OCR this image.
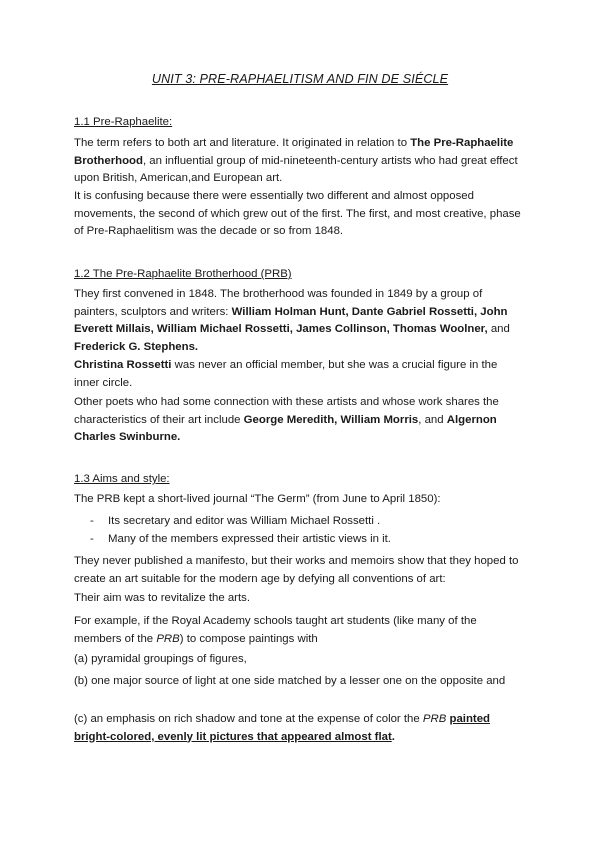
UNIT 3: PRE-RAPHAELITISM AND FIN DE SIÉCLE
1.1 Pre-Raphaelite:
The term refers to both art and literature. It originated in relation to The Pre-Raphaelite Brotherhood, an influential group of mid-nineteenth-century artists who had great effect upon British, American,and European art.
It is confusing because there were essentially two different and almost opposed movements, the second of which grew out of the first. The first, and most creative, phase of Pre-Raphaelitism was the decade or so from 1848.
1.2 The Pre-Raphaelite Brotherhood (PRB)
They first convened in 1848. The brotherhood was founded in 1849 by a group of painters, sculptors and writers: William Holman Hunt, Dante Gabriel Rossetti, John Everett Millais, William Michael Rossetti, James Collinson, Thomas Woolner, and Frederick G. Stephens.
Christina Rossetti was never an official member, but she was a crucial figure in the inner circle.
Other poets who had some connection with these artists and whose work shares the characteristics of their art include George Meredith, William Morris, and Algernon Charles Swinburne.
1.3 Aims and style:
The PRB kept a short-lived journal “The Germ” (from June to April 1850):
- Its secretary and editor was William Michael Rossetti .
- Many of the members expressed their artistic views in it.
They never published a manifesto, but their works and memoirs show that they hoped to create an art suitable for the modern age by defying all conventions of art:
Their aim was to revitalize the arts.
For example, if the Royal Academy schools taught art students (like many of the members of the PRB) to compose paintings with
(a) pyramidal groupings of figures,
(b) one major source of light at one side matched by a lesser one on the opposite and
(c) an emphasis on rich shadow and tone at the expense of color the PRB painted bright-colored, evenly lit pictures that appeared almost flat.
